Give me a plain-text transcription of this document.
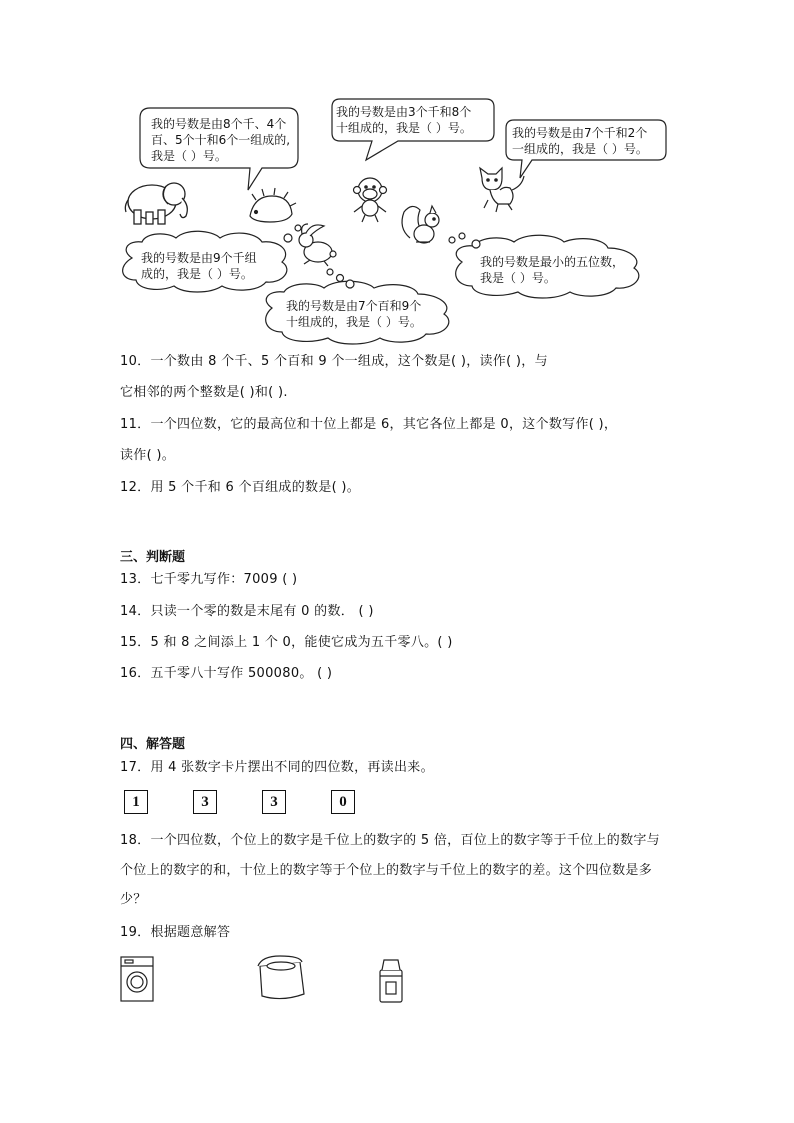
我的号数是由8个千、4个
百、5个十和6个一组成的,
我是（ ）号。
我的号数是由3个千和8个
十组成的，我是（ ）号。	我的号数是由7个千和2个
一组成的，我是（ ）号。
我的号数是由9个千组
成的，我是（ ）号。
我的号数是最小的五位数，
我是（ ）号。
我的号数是由7个百和9个
十组成的，我是（ ）号。
10．一个数由 8 个千、5 个百和 9 个一组成，这个数是( )，读作( )，与
它相邻的两个整数是( )和( ).
11．一个四位数，它的最高位和十位上都是 6，其它各位上都是 0，这个数写作( )，
读作( )。
12．用 5 个千和 6 个百组成的数是( )。
三、判断题
13．七千零九写作：7009 ( )
14．只读一个零的数是末尾有 0 的数． ( )
15．5 和 8 之间添上 1 个 0，能使它成为五千零八。( )
16．五千零八十写作 500080。 ( )
四、解答题
17．用 4 张数字卡片摆出不同的四位数，再读出来。
1	3	3	0
18．一个四位数，个位上的数字是千位上的数字的 5 倍，百位上的数字等于千位上的数字与
个位上的数字的和，十位上的数字等于个位上的数字与千位上的数字的差。这个四位数是多
少？
19．根据题意解答
